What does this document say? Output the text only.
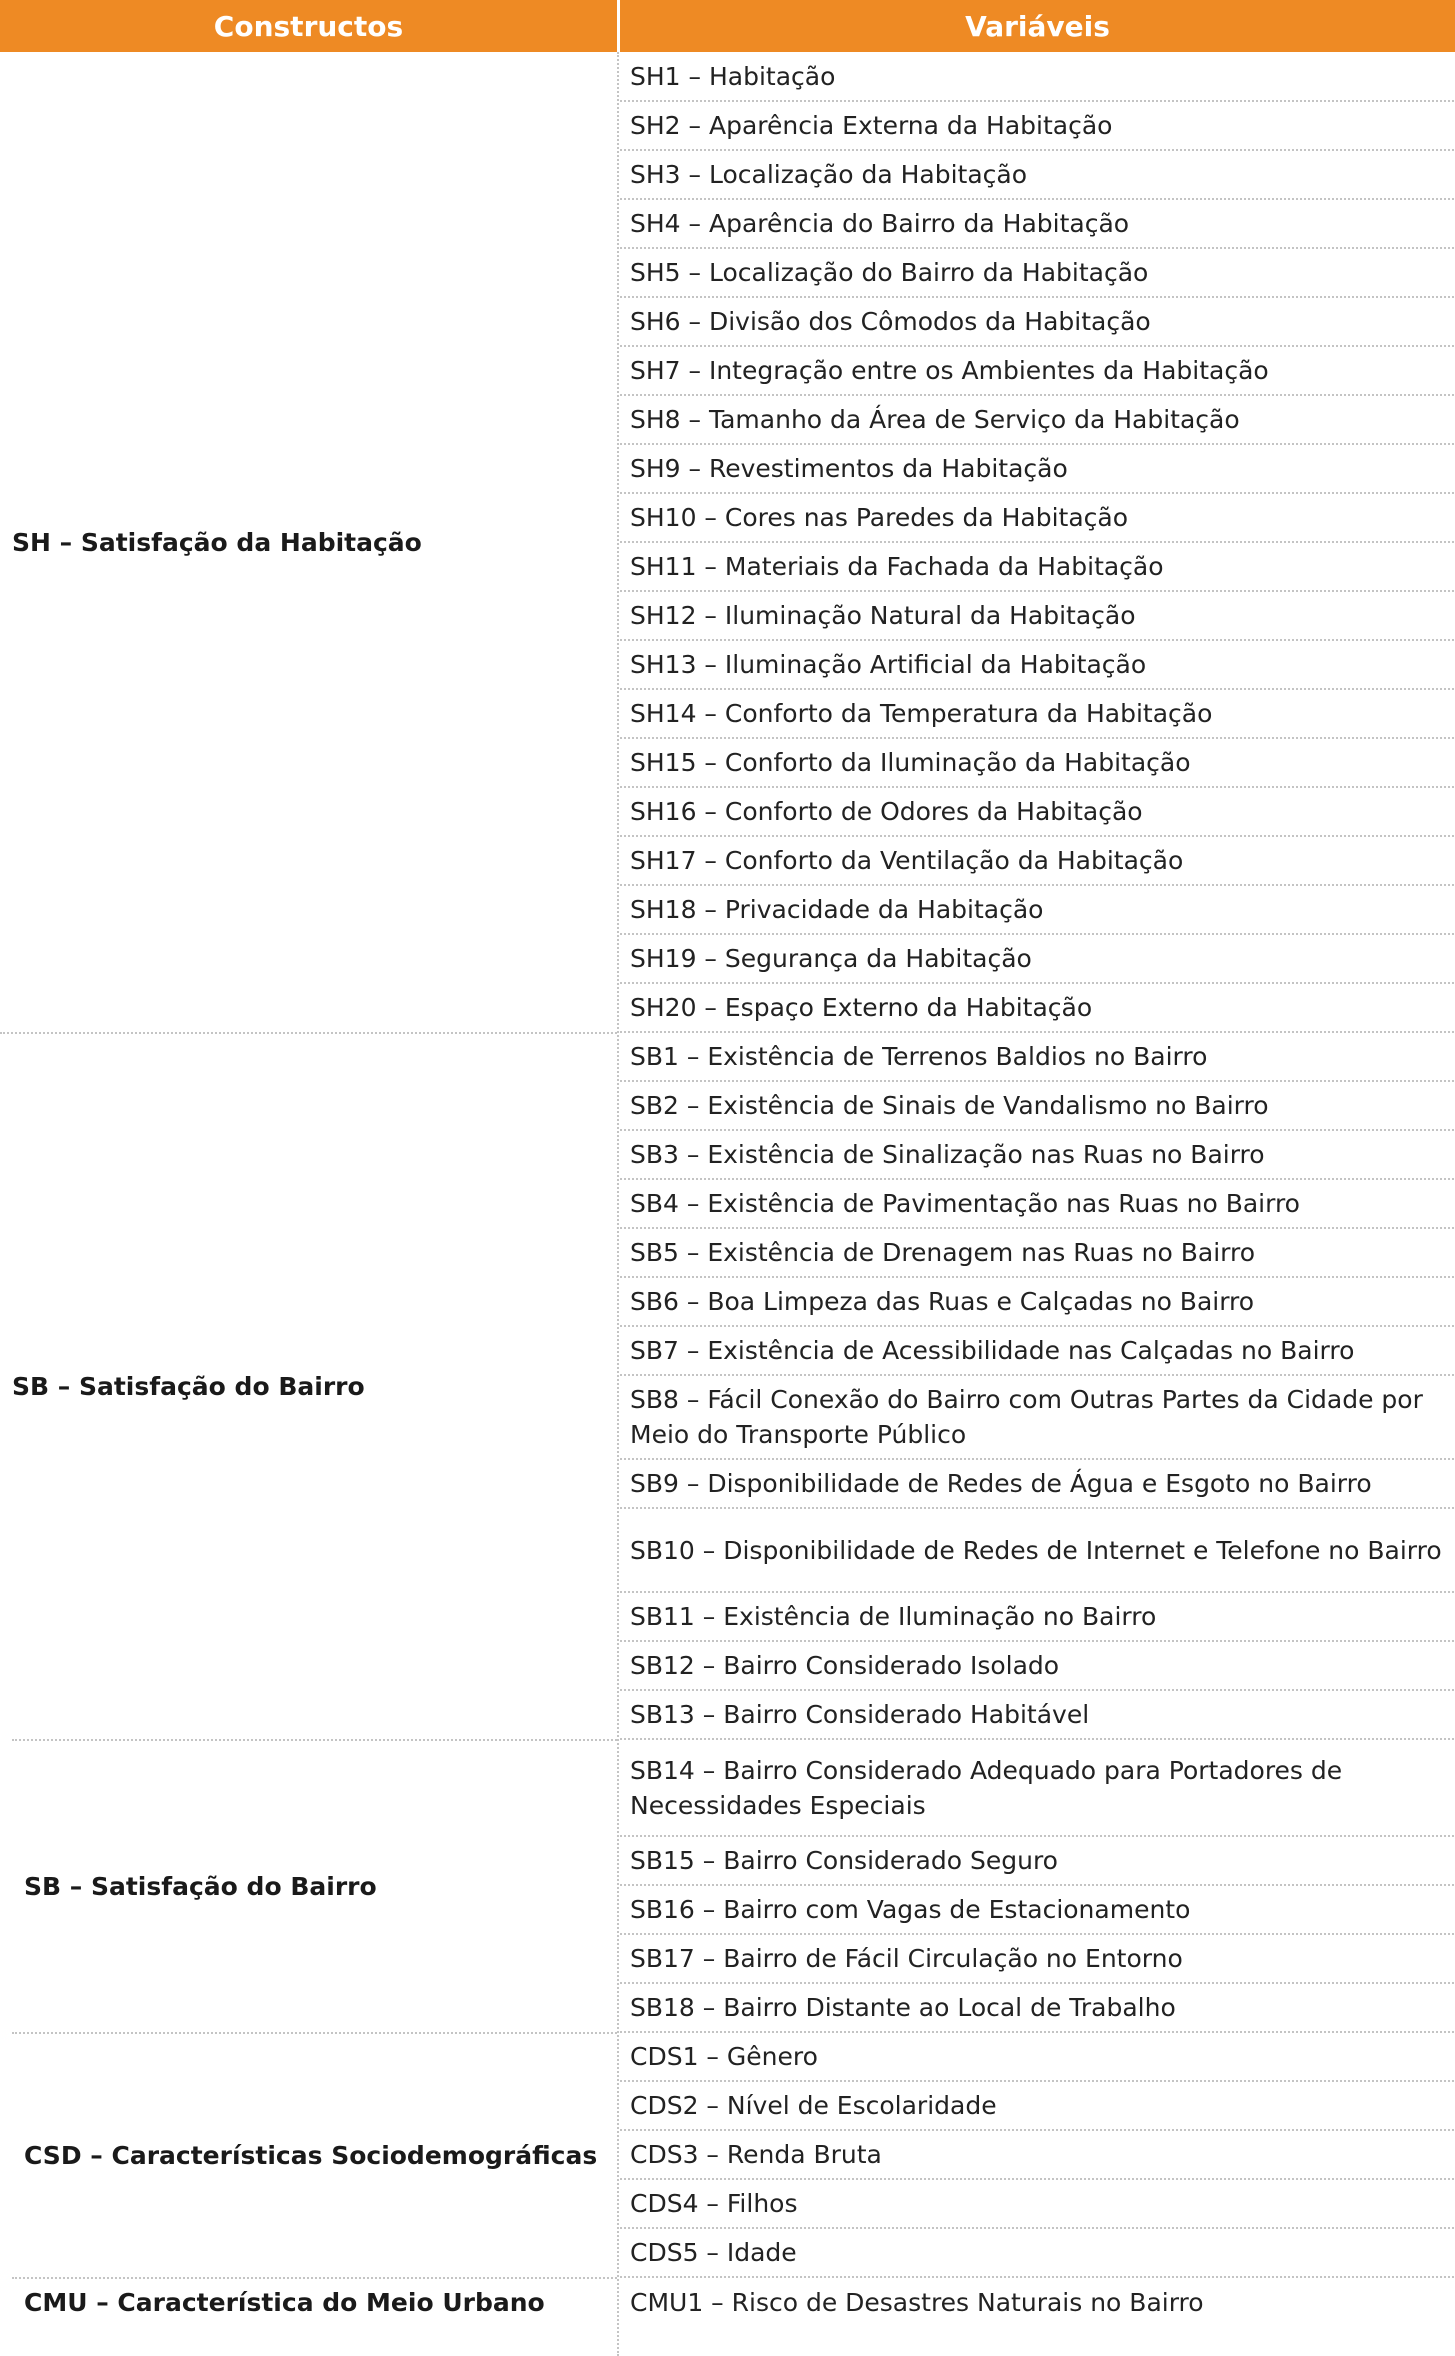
Constructos	Variáveis
SH – Satisfação da Habitação
SB – Satisfação do Bairro
SB – Satisfação do Bairro
CSD – Características Sociodemográficas
CMU – Característica do Meio Urbano
SH1 – Habitação
SH2 – Aparência Externa da Habitação
SH3 – Localização da Habitação
SH4 – Aparência do Bairro da Habitação
SH5 – Localização do Bairro da Habitação
SH6 – Divisão dos Cômodos da Habitação
SH7 – Integração entre os Ambientes da Habitação
SH8 – Tamanho da Área de Serviço da Habitação
SH9 – Revestimentos da Habitação
SH10 – Cores nas Paredes da Habitação
SH11 – Materiais da Fachada da Habitação
SH12 – Iluminação Natural da Habitação
SH13 – Iluminação Artificial da Habitação
SH14 – Conforto da Temperatura da Habitação
SH15 – Conforto da Iluminação da Habitação
SH16 – Conforto de Odores da Habitação
SH17 – Conforto da Ventilação da Habitação
SH18 – Privacidade da Habitação
SH19 – Segurança da Habitação
SH20 – Espaço Externo da Habitação
SB1 – Existência de Terrenos Baldios no Bairro
SB2 – Existência de Sinais de Vandalismo no Bairro
SB3 – Existência de Sinalização nas Ruas no Bairro
SB4 – Existência de Pavimentação nas Ruas no Bairro
SB5 – Existência de Drenagem nas Ruas no Bairro
SB6 – Boa Limpeza das Ruas e Calçadas no Bairro
SB7 – Existência de Acessibilidade nas Calçadas no Bairro
SB8 – Fácil Conexão do Bairro com Outras Partes da Cidade por Meio do Transporte Público
SB9 – Disponibilidade de Redes de Água e Esgoto no Bairro
SB10 – Disponibilidade de Redes de Internet e Telefone no Bairro
SB11 – Existência de Iluminação no Bairro
SB12 – Bairro Considerado Isolado
SB13 – Bairro Considerado Habitável
SB14 – Bairro Considerado Adequado para Portadores de Necessidades Especiais
SB15 – Bairro Considerado Seguro
SB16 – Bairro com Vagas de Estacionamento
SB17 – Bairro de Fácil Circulação no Entorno
SB18 – Bairro Distante ao Local de Trabalho
CDS1 – Gênero
CDS2 – Nível de Escolaridade
CDS3 – Renda Bruta
CDS4 – Filhos
CDS5 – Idade
CMU1 – Risco de Desastres Naturais no Bairro
